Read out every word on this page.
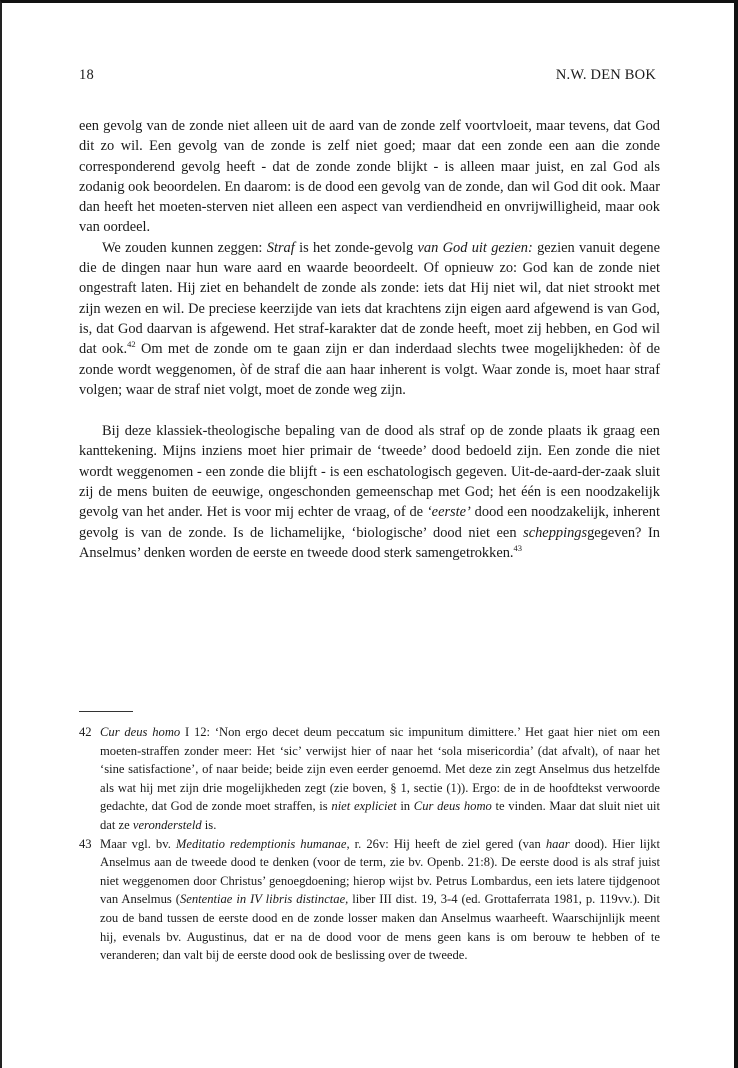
18	N.W. DEN BOK

een gevolg van de zonde niet alleen uit de aard van de zonde zelf voortvloeit, maar tevens, dat God dit zo wil. Een gevolg van de zonde is zelf niet goed; maar dat een zonde een aan die zonde corresponderend gevolg heeft - dat de zonde zonde blijkt - is alleen maar juist, en zal God als zodanig ook beoordelen. En daarom: is de dood een gevolg van de zonde, dan wil God dit ook. Maar dan heeft het moeten-sterven niet alleen een aspect van verdiendheid en onvrijwilligheid, maar ook van oordeel.

We zouden kunnen zeggen: Straf is het zonde-gevolg van God uit gezien: gezien vanuit degene die de dingen naar hun ware aard en waarde beoordeelt. Of opnieuw zo: God kan de zonde niet ongestraft laten. Hij ziet en behandelt de zonde als zonde: iets dat Hij niet wil, dat niet strookt met zijn wezen en wil. De preciese keerzijde van iets dat krachtens zijn eigen aard afgewend is van God, is, dat God daarvan is afgewend. Het straf-karakter dat de zonde heeft, moet zij hebben, en God wil dat ook.$^{42}$ Om met de zonde om te gaan zijn er dan inderdaad slechts twee mogelijkheden: òf de zonde wordt weggenomen, òf de straf die aan haar inherent is volgt. Waar zonde is, moet haar straf volgen; waar de straf niet volgt, moet de zonde weg zijn.

Bij deze klassiek-theologische bepaling van de dood als straf op de zonde plaats ik graag een kanttekening. Mijns inziens moet hier primair de ‘tweede’ dood bedoeld zijn. Een zonde die niet wordt weggenomen - een zonde die blijft - is een eschatologisch gegeven. Uit-de-aard-der-zaak sluit zij de mens buiten de eeuwige, ongeschonden gemeenschap met God; het één is een noodzakelijk gevolg van het ander. Het is voor mij echter de vraag, of de ‘eerste’ dood een noodzakelijk, inherent gevolg is van de zonde. Is de lichamelijke, ‘biologische’ dood niet een scheppingsgegeven? In Anselmus’ denken worden de eerste en tweede dood sterk samengetrokken.$^{43}$

42 Cur deus homo I 12: ‘Non ergo decet deum peccatum sic impunitum dimittere.’ Het gaat hier niet om een moeten-straffen zonder meer: Het ‘sic’ verwijst hier of naar het ‘sola misericordia’ (dat afvalt), of naar het ‘sine satisfactione’, of naar beide; beide zijn even eerder genoemd. Met deze zin zegt Anselmus dus hetzelfde als wat hij met zijn drie mogelijkheden zegt (zie boven, § 1, sectie (1)). Ergo: de in de hoofdtekst verwoorde gedachte, dat God de zonde moet straffen, is niet expliciet in Cur deus homo te vinden. Maar dat sluit niet uit dat ze verondersteld is.
43 Maar vgl. bv. Meditatio redemptionis humanae, r. 26v: Hij heeft de ziel gered (van haar dood). Hier lijkt Anselmus aan de tweede dood te denken (voor de term, zie bv. Openb. 21:8). De eerste dood is als straf juist niet weggenomen door Christus’ genoegdoening; hierop wijst bv. Petrus Lombardus, een iets latere tijdgenoot van Anselmus (Sententiae in IV libris distinctae, liber III dist. 19, 3-4 (ed. Grottaferrata 1981, p. 119vv.). Dit zou de band tussen de eerste dood en de zonde losser maken dan Anselmus waarheeft. Waarschijnlijk meent hij, evenals bv. Augustinus, dat er na de dood voor de mens geen kans is om berouw te hebben of te veranderen; dan valt bij de eerste dood ook de beslissing over de tweede.
